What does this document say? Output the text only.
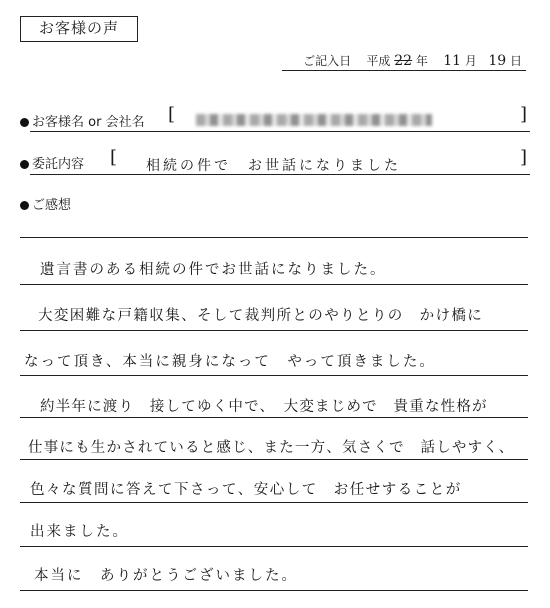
お客様の声
ご記入日 平成 22 年 11 月 19 日
お客様名 or 会社名 [	]
委託内容 [ 相続の件で　お世話になりました	]
ご感想
遺言書のある相続の件でお世話になりました。
大変困難な戸籍収集、そして裁判所とのやりとりの　かけ橋に
なって頂き、本当に親身になって　やって頂きました。
約半年に渡り　接してゆく中で、　大変まじめで　貴重な性格が
仕事にも生かされていると感じ、また一方、気さくで　話しやすく、
色々な質問に答えて下さって、安心して　お任せすることが
出来ました。
本当に　ありがとうございました。
